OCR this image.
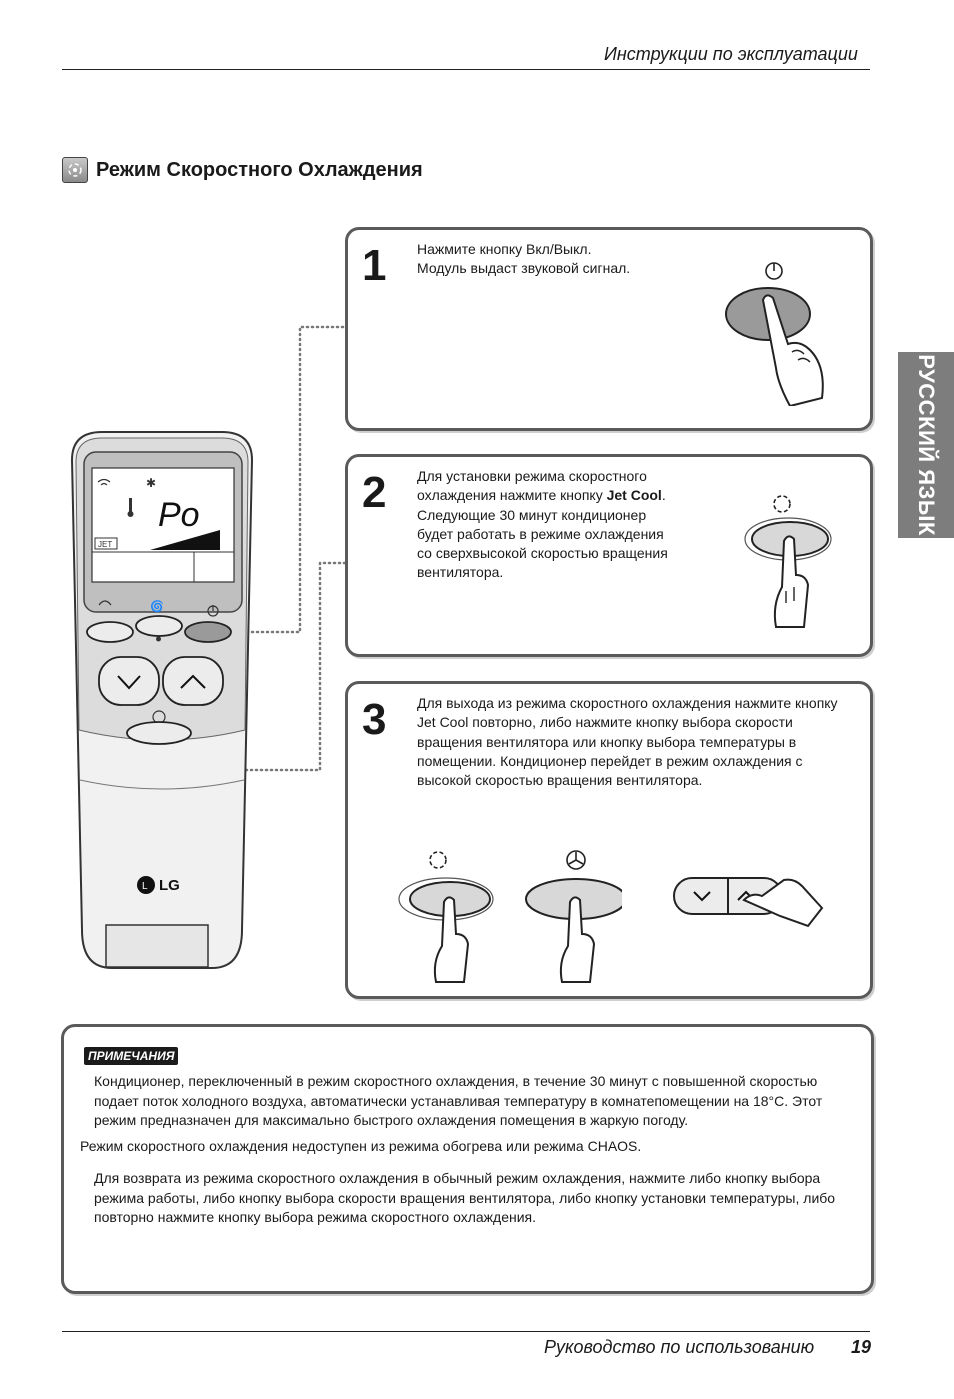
Инструкции по эксплуатации
Режим Скоростного Охлаждения
РУССКИЙ ЯЗЫК
✱
Po
JET
🌀
L LG
1 Нажмите кнопку Вкл/Выкл.
Модуль выдаст звуковой сигнал.
2 Для установки режима скоростного
охлаждения нажмите кнопку Jet Cool.
Следующие 30 минут кондиционер
будет работать в режиме охлаждения
со сверхвысокой скоростью вращения
вентилятора.
3 Для выхода из режима скоростного охлаждения нажмите кнопку
Jet Cool повторно, либо нажмите кнопку выбора скорости
вращения вентилятора или кнопку выбора температуры в
помещении. Кондиционер перейдет в режим охлаждения с
высокой скоростью вращения вентилятора.
ПРИМЕЧАНИЯ
Кондиционер, переключенный в режим скоростного охлаждения, в течение 30 минут с повышенной скоростью
подает поток холодного воздуха, автоматически устанавливая температуру в комнатепомещении на 18°C. Этот
режим предназначен для максимально быстрого охлаждения помещения в жаркую погоду.
Режим скоростного охлаждения недоступен из режима обогрева или режима CHAOS.
Для возврата из режима скоростного охлаждения в обычный режим охлаждения, нажмите либо кнопку выбора
режима работы, либо кнопку выбора скорости вращения вентилятора, либо кнопку установки температуры, либо
повторно нажмите кнопку выбора режима скоростного охлаждения.
Руководство по использованию 19
